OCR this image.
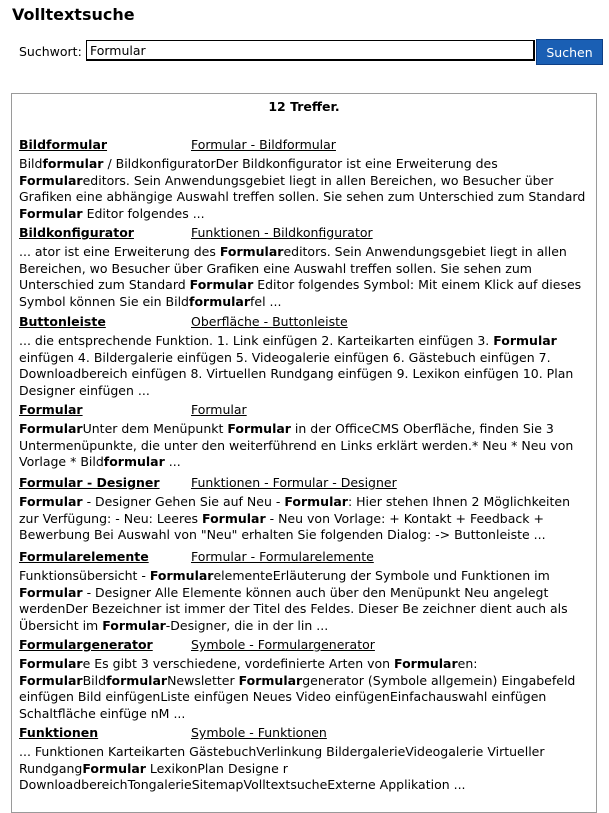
Volltextsuche
Suchwort:
Formular	Suchen
12 Treffer.
Bildformular	Formular - Bildformular
Bildformular / BildkonfiguratorDer Bildkonfigurator ist eine Erweiterung des Formulareditors. Sein Anwendungsgebiet liegt in allen Bereichen, wo Besucher über Grafiken eine abhängige Auswahl treffen sollen. Sie sehen zum Unterschied zum Standard Formular Editor folgendes ...
Bildkonfigurator	Funktionen - Bildkonfigurator
... ator ist eine Erweiterung des Formulareditors. Sein Anwendungsgebiet liegt in allen Bereichen, wo Besucher über Grafiken eine Auswahl treffen sollen. Sie sehen zum Unterschied zum Standard Formular Editor folgendes Symbol: Mit einem Klick auf dieses Symbol können Sie ein Bildformularfel ...
Buttonleiste	Oberfläche - Buttonleiste
... die entsprechende Funktion. 1. Link einfügen 2. Karteikarten einfügen 3. Formular einfügen 4. Bildergalerie einfügen 5. Videogalerie einfügen 6. Gästebuch einfügen 7. Downloadbereich einfügen 8. Virtuellen Rundgang einfügen 9. Lexikon einfügen 10. Plan Designer einfügen ...
Formular	Formular
FormularUnter dem Menüpunkt Formular in der OfficeCMS Oberfläche, finden Sie 3 Untermenüpunkte, die unter den weiterführend en Links erklärt werden.* Neu * Neu von Vorlage * Bildformular ...
Formular - Designer	Funktionen - Formular - Designer
Formular - Designer Gehen Sie auf Neu - Formular: Hier stehen Ihnen 2 Möglichkeiten zur Verfügung: - Neu: Leeres Formular - Neu von Vorlage: + Kontakt + Feedback + Bewerbung Bei Auswahl von "Neu" erhalten Sie folgenden Dialog: -> Buttonleiste ...
Formularelemente	Formular - Formularelemente
Funktionsübersicht - FormularelementeErläuterung der Symbole und Funktionen im Formular - Designer Alle Elemente können auch über den Menüpunkt Neu angelegt werdenDer Bezeichner ist immer der Titel des Feldes. Dieser Be zeichner dient auch als Übersicht im Formular-Designer, die in der lin ...
Formulargenerator	Symbole - Formulargenerator
Formulare Es gibt 3 verschiedene, vordefinierte Arten von Formularen: FormularBildformularNewsletter Formulargenerator (Symbole allgemein) Eingabefeld einfügen Bild einfügenListe einfügen Neues Video einfügenEinfachauswahl einfügen Schaltfläche einfüge nM ...
Funktionen	Symbole - Funktionen
... Funktionen Karteikarten GästebuchVerlinkung BildergalerieVideogalerie Virtueller RundgangFormular LexikonPlan Designe r DownloadbereichTongalerieSitemapVolltextsucheExterne Applikation ...
